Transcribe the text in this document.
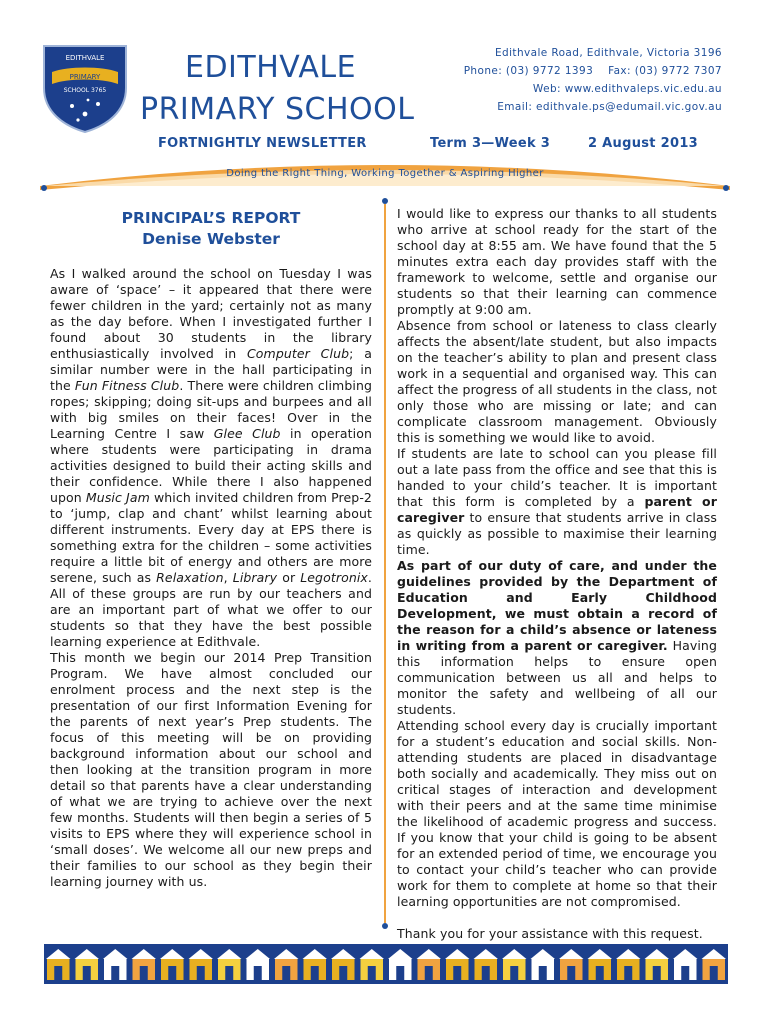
EDITHVALE
PRIMARY
SCHOOL 3765
EDITHVALE
PRIMARY SCHOOL
Edithvale Road, Edithvale, Victoria 3196
Phone: (03) 9772 1393    Fax: (03) 9772 7307
Web: www.edithvaleps.vic.edu.au
Email: edithvale.ps@edumail.vic.gov.au
FORTNIGHTLY NEWSLETTER	Term 3—Week 3	2 August 2013
Doing the Right Thing, Working Together & Aspiring Higher
PRINCIPAL’S REPORT
Denise Webster

As I walked around the school on Tuesday I was aware of ‘space’ – it appeared that there were fewer children in the yard; certainly not as many as the day before. When I investigated further I found about 30 students in the library enthusiastically involved in Computer Club; a similar number were in the hall participating in the Fun Fitness Club. There were children climbing ropes; skipping; doing sit-ups and burpees and all with big smiles on their faces! Over in the Learning Centre I saw Glee Club in operation where students were participating in drama activities designed to build their acting skills and their confidence. While there I also happened upon Music Jam which invited children from Prep-2 to ‘jump, clap and chant’ whilst learning about different instruments. Every day at EPS there is something extra for the children – some activities require a little bit of energy and others are more serene, such as Relaxation, Library or Legotronix. All of these groups are run by our teachers and are an important part of what we offer to our students so that they have the best possible learning experience at Edithvale.

This month we begin our 2014 Prep Transition Program. We have almost concluded our enrolment process and the next step is the presentation of our first Information Evening for the parents of next year’s Prep students. The focus of this meeting will be on providing background information about our school and then looking at the transition program in more detail so that parents have a clear understanding of what we are trying to achieve over the next few months. Students will then begin a series of 5 visits to EPS where they will experience school in ‘small doses’. We welcome all our new preps and their families to our school as they begin their learning journey with us.

I would like to express our thanks to all students who arrive at school ready for the start of the school day at 8:55 am. We have found that the 5 minutes extra each day provides staff with the framework to welcome, settle and organise our students so that their learning can commence promptly at 9:00 am.

Absence from school or lateness to class clearly affects the absent/late student, but also impacts on the teacher’s ability to plan and present class work in a sequential and organised way. This can affect the progress of all students in the class, not only those who are missing or late; and can complicate classroom management. Obviously this is something we would like to avoid.

If students are late to school can you please fill out a late pass from the office and see that this is handed to your child’s teacher. It is important that this form is completed by a parent or caregiver to ensure that students arrive in class as quickly as possible to maximise their learning time.

As part of our duty of care, and under the guidelines provided by the Department of Education and Early Childhood Development, we must obtain a record of the reason for a child’s absence or lateness in writing from a parent or caregiver. Having this information helps to ensure open communication between us all and helps to monitor the safety and wellbeing of all our students.

Attending school every day is crucially important for a student’s education and social skills. Non-attending students are placed in disadvantage both socially and academically. They miss out on critical stages of interaction and development with their peers and at the same time minimise the likelihood of academic progress and success. If you know that your child is going to be absent for an extended period of time, we encourage you to contact your child’s teacher who can provide work for them to complete at home so that their learning opportunities are not compromised.

Thank you for your assistance with this request.
